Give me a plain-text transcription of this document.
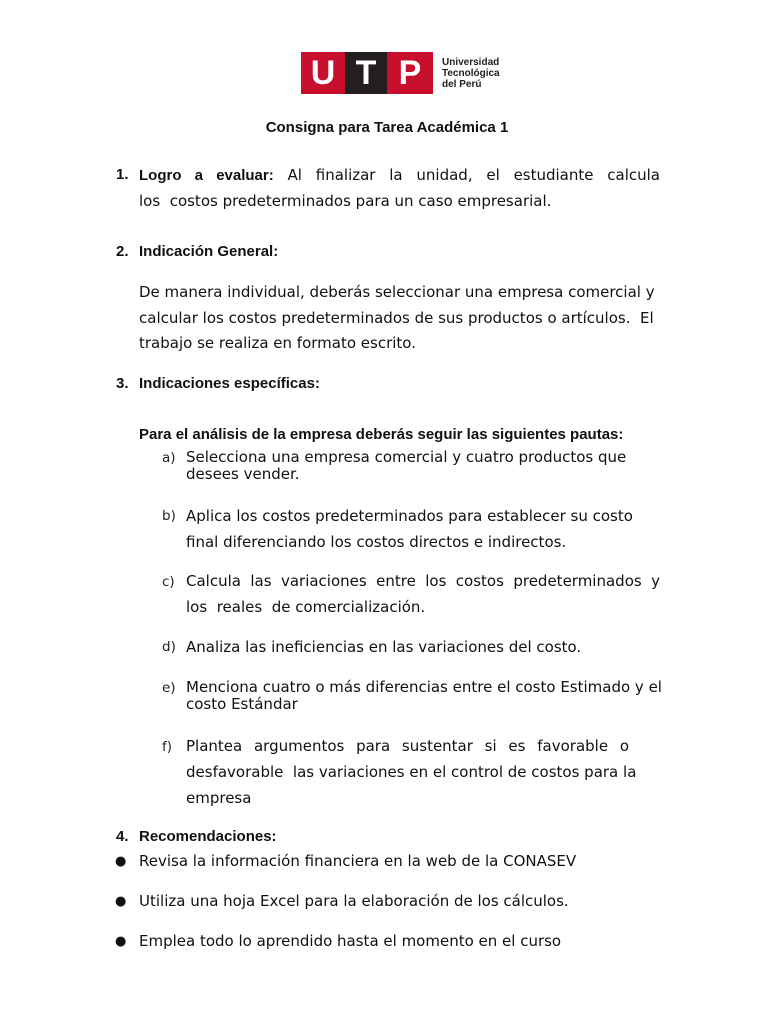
U T P Universidad
Tecnológica
del Perú
Consigna para Tarea Académica 1
1. Logro a evaluar: Al finalizar la unidad, el estudiante calcula
los  costos predeterminados para un caso empresarial.
2. Indicación General:
De manera individual, deberás seleccionar una empresa comercial y
calcular los costos predeterminados de sus productos o artículos.  El
trabajo se realiza en formato escrito.
3. Indicaciones específicas:
Para el análisis de la empresa deberás seguir las siguientes pautas:
a) Selecciona una empresa comercial y cuatro productos que
desees vender.
b) Aplica los costos predeterminados para establecer su costo
final diferenciando los costos directos e indirectos.
c) Calcula las variaciones entre los costos predeterminados y
los  reales  de comercialización.
d) Analiza las ineficiencias en las variaciones del costo.
e) Menciona cuatro o más diferencias entre el costo Estimado y el
costo Estándar
f) Plantea argumentos para sustentar si es favorable o
desfavorable  las variaciones en el control de costos para la
empresa
4. Recomendaciones:
● Revisa la información financiera en la web de la CONASEV
● Utiliza una hoja Excel para la elaboración de los cálculos.
● Emplea todo lo aprendido hasta el momento en el curso
